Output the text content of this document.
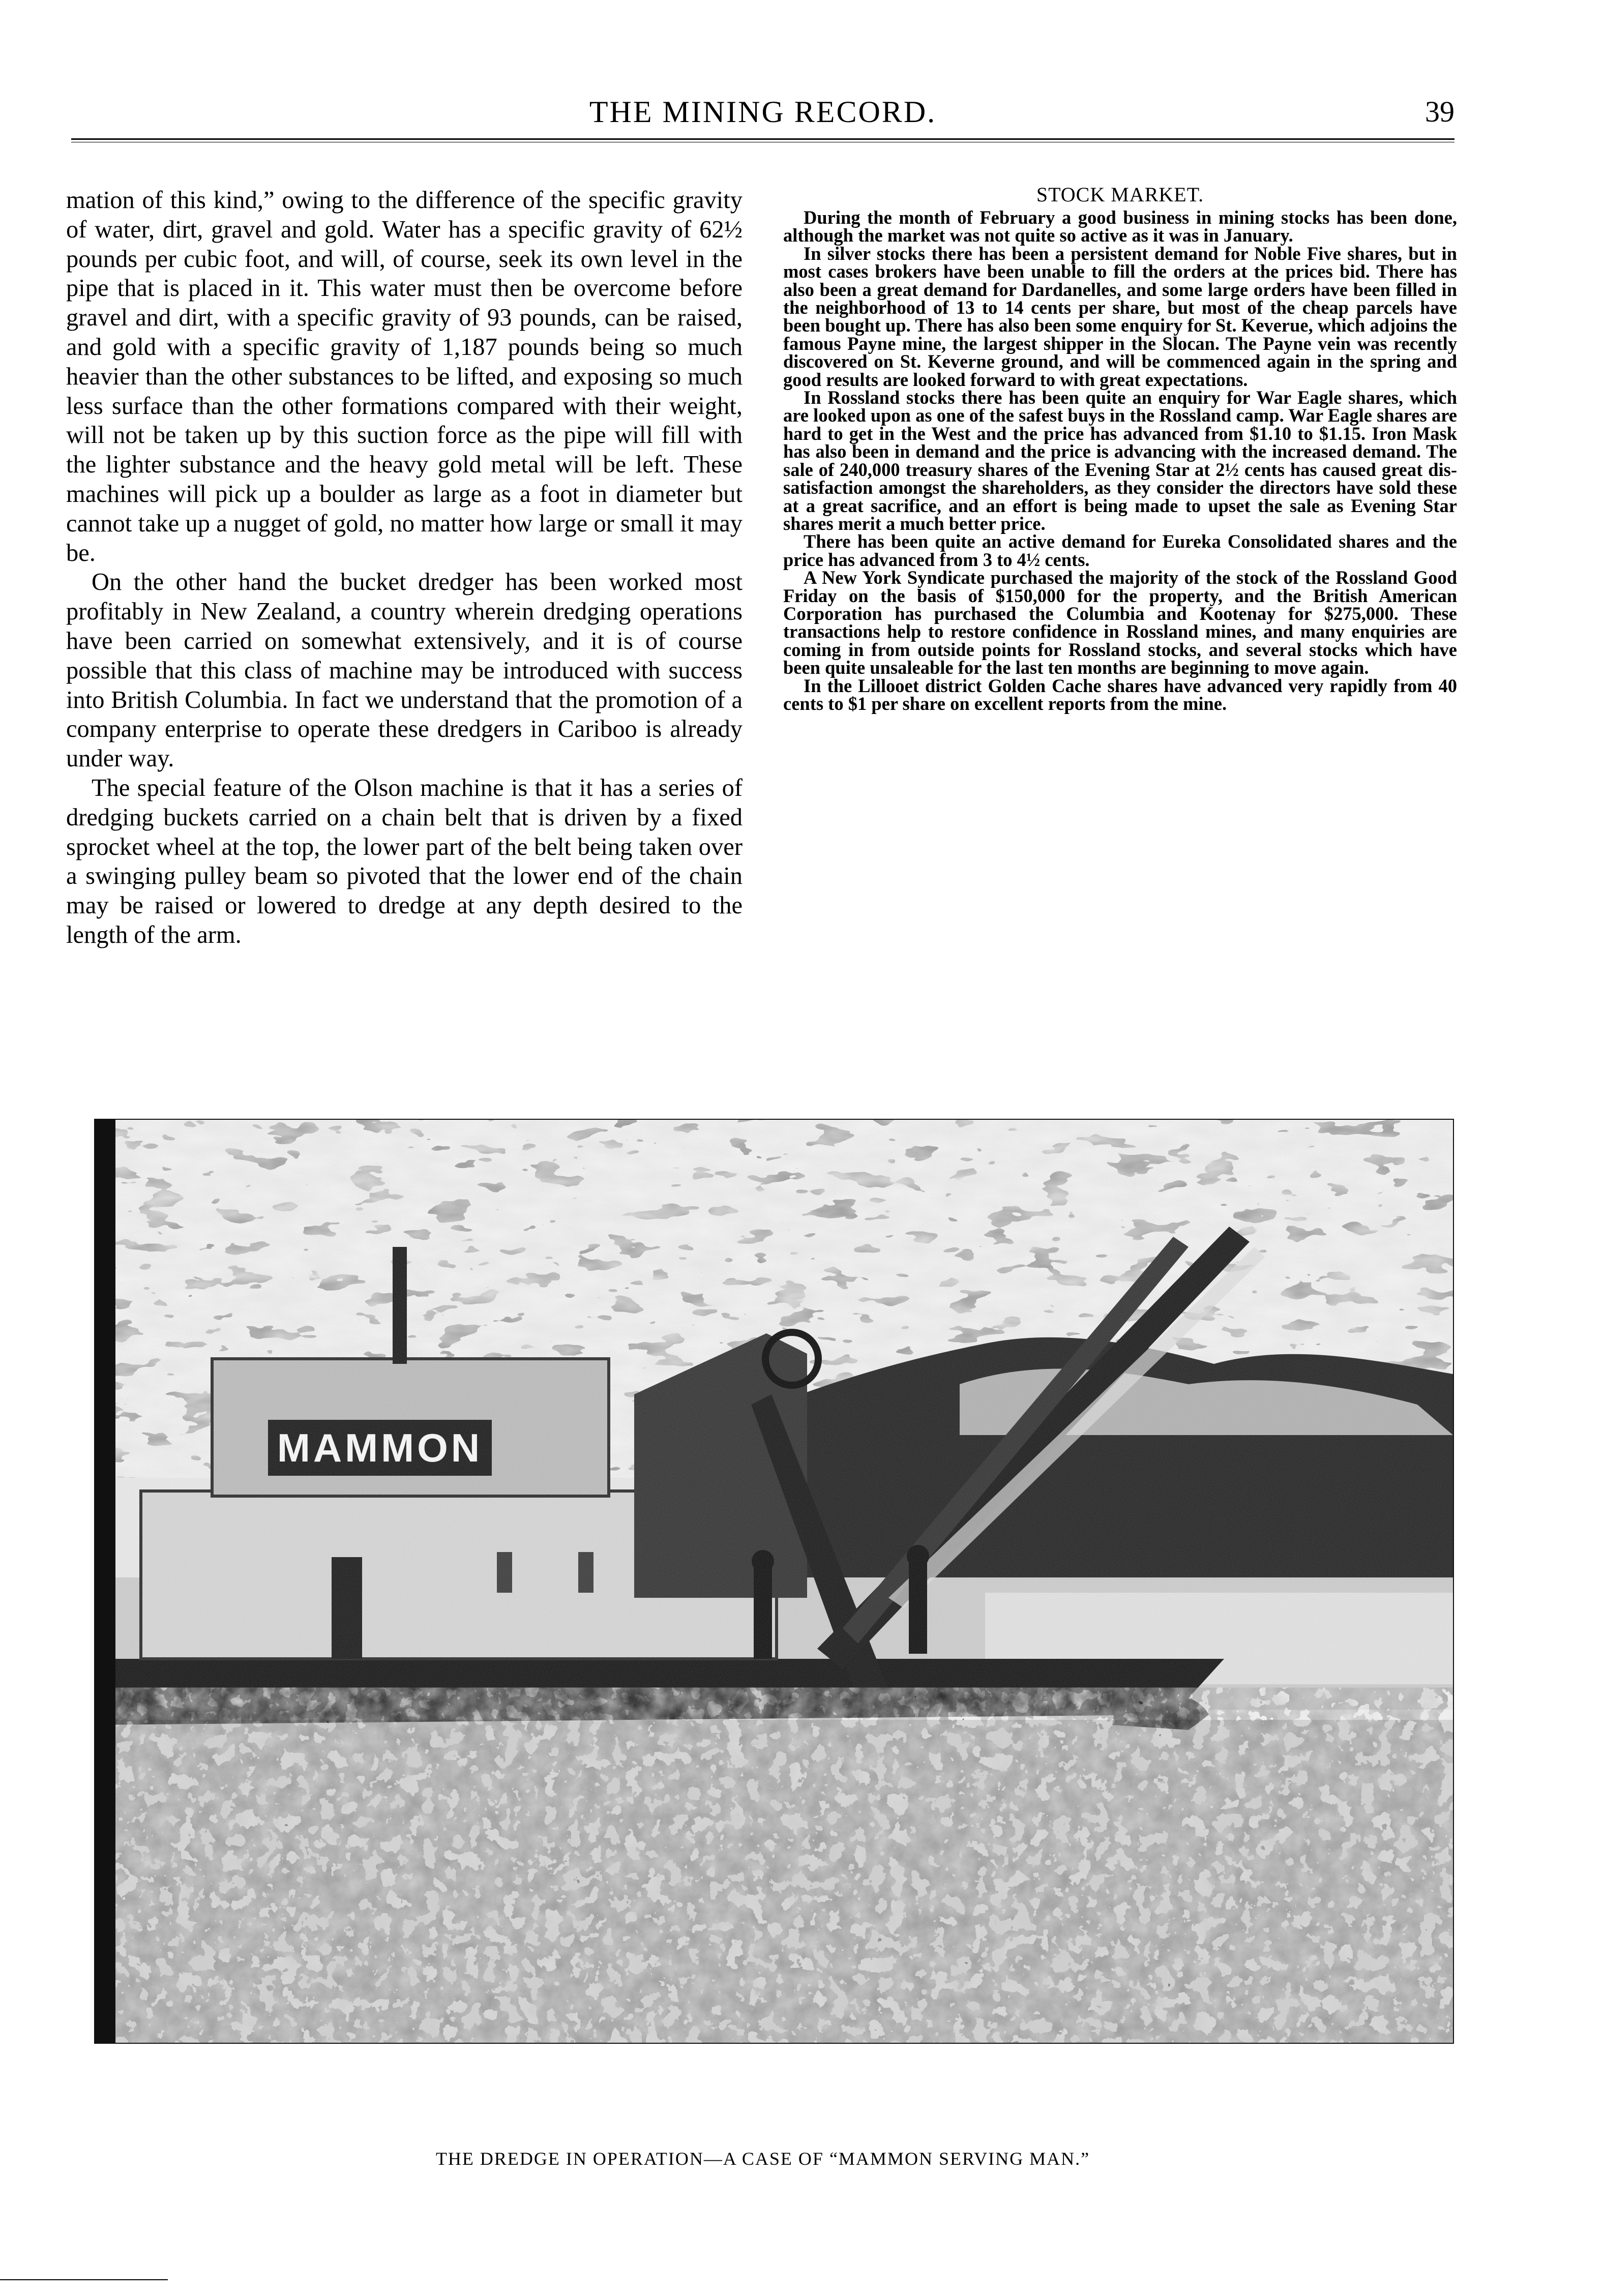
THE MINING RECORD.	39

mation of this kind,” owing to the difference of the specific gravity of water, dirt, gravel and gold. Water has a specific gravity of 62½ pounds per cubic foot, and will, of course, seek its own level in the pipe that is placed in it. This water must then be overcome before gravel and dirt, with a specific gravity of 93 pounds, can be raised, and gold with a specific gravity of 1,187 pounds being so much heavier than the other substances to be lifted, and exposing so much less surface than the other formations compared with their weight, will not be taken up by this suction force as the pipe will fill with the lighter substance and the heavy gold metal will be left. These machines will pick up a boulder as large as a foot in diameter but cannot take up a nugget of gold, no matter how large or small it may be.

On the other hand the bucket dredger has been worked most profitably in New Zealand, a country wherein dredging operations have been carried on somewhat extensively, and it is of course possible that this class of machine may be introduced with success into British Columbia. In fact we understand that the promotion of a company enterprise to operate these dredgers in Cariboo is already under way.

The special feature of the Olson machine is that it has a series of dredging buckets carried on a chain belt that is driven by a fixed sprocket wheel at the top, the lower part of the belt being taken over a swinging pulley beam so pivoted that the lower end of the chain may be raised or lowered to dredge at any depth desired to the length of the arm.

STOCK MARKET.

During the month of February a good business in mining stocks has been done, although the market was not quite so active as it was in January.

In silver stocks there has been a persistent demand for Noble Five shares, but in most cases brokers have been unable to fill the orders at the prices bid. There has also been a great demand for Dardanelles, and some large orders have been filled in the neighborhood of 13 to 14 cents per share, but most of the cheap parcels have been bought up. There has also been some enquiry for St. Keverue, which adjoins the famous Payne mine, the largest shipper in the Slocan. The Payne vein was recently discovered on St. Keverne ground, and will be commenced again in the spring and good results are looked forward to with great expectations.

In Rossland stocks there has been quite an enquiry for War Eagle shares, which are looked upon as one of the safest buys in the Rossland camp. War Eagle shares are hard to get in the West and the price has advanced from $1.10 to $1.15. Iron Mask has also been in demand and the price is advancing with the increased demand. The sale of 240,000 treasury shares of the Evening Star at 2½ cents has caused great dis-satisfaction amongst the shareholders, as they consider the directors have sold these at a great sacrifice, and an effort is being made to upset the sale as Evening Star shares merit a much better price.

There has been quite an active demand for Eureka Consolidated shares and the price has advanced from 3 to 4½ cents.

A New York Syndicate purchased the majority of the stock of the Rossland Good Friday on the basis of $150,000 for the property, and the British American Corporation has purchased the Columbia and Kootenay for $275,000. These transactions help to restore confidence in Rossland mines, and many enquiries are coming in from outside points for Rossland stocks, and several stocks which have been quite unsaleable for the last ten months are beginning to move again.

In the Lillooet district Golden Cache shares have advanced very rapidly from 40 cents to $1 per share on excellent reports from the mine.

THE DREDGE IN OPERATION—A CASE OF “MAMMON SERVING MAN.”
